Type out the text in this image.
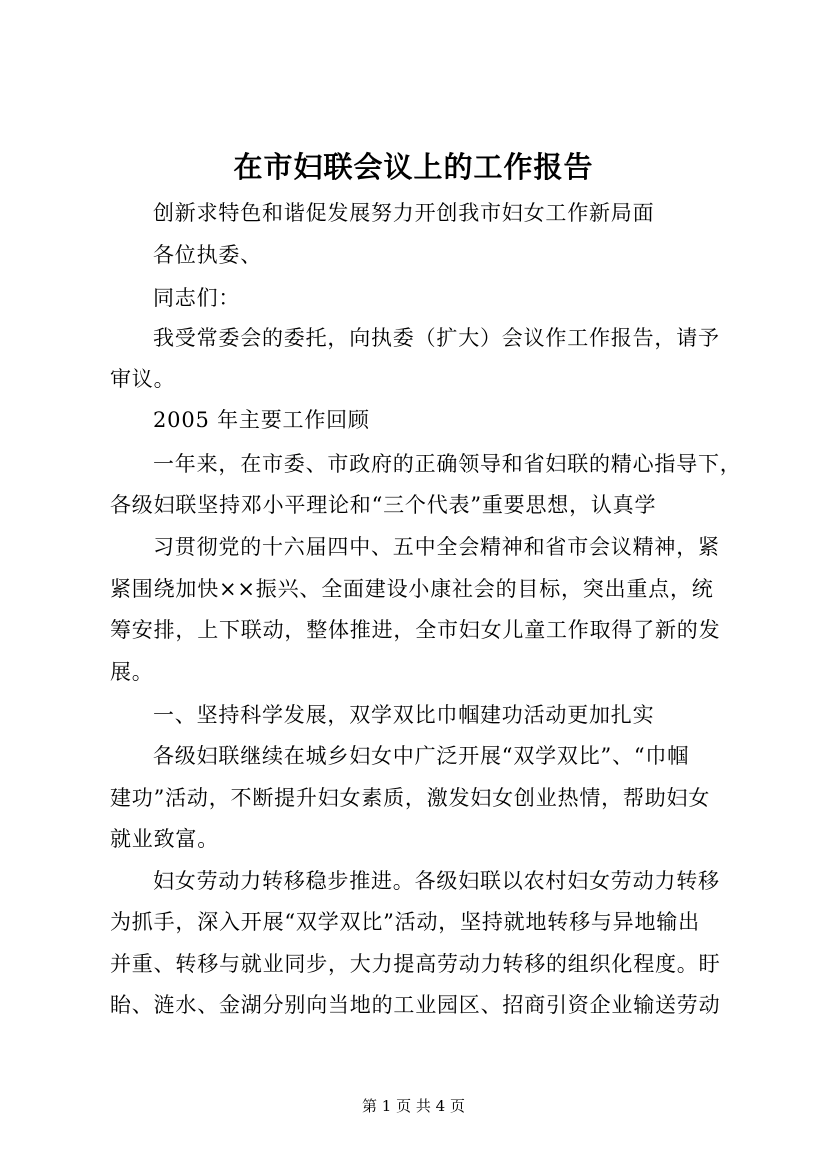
在市妇联会议上的工作报告
创新求特色和谐促发展努力开创我市妇女工作新局面
各位执委、
同志们：
我受常委会的委托，向执委（扩大）会议作工作报告，请予
审议。
2005 年主要工作回顾
一年来，在市委、市政府的正确领导和省妇联的精心指导下，
各级妇联坚持邓小平理论和“三个代表”重要思想，认真学
习贯彻党的十六届四中、五中全会精神和省市会议精神，紧
紧围绕加快××振兴、全面建设小康社会的目标，突出重点，统
筹安排，上下联动，整体推进，全市妇女儿童工作取得了新的发
展。
一、坚持科学发展，双学双比巾帼建功活动更加扎实
各级妇联继续在城乡妇女中广泛开展“双学双比”、“巾帼
建功”活动，不断提升妇女素质，激发妇女创业热情，帮助妇女
就业致富。
妇女劳动力转移稳步推进。各级妇联以农村妇女劳动力转移
为抓手，深入开展“双学双比”活动，坚持就地转移与异地输出
并重、转移与就业同步，大力提高劳动力转移的组织化程度。盱
眙、涟水、金湖分别向当地的工业园区、招商引资企业输送劳动
第 1 页 共 4 页
